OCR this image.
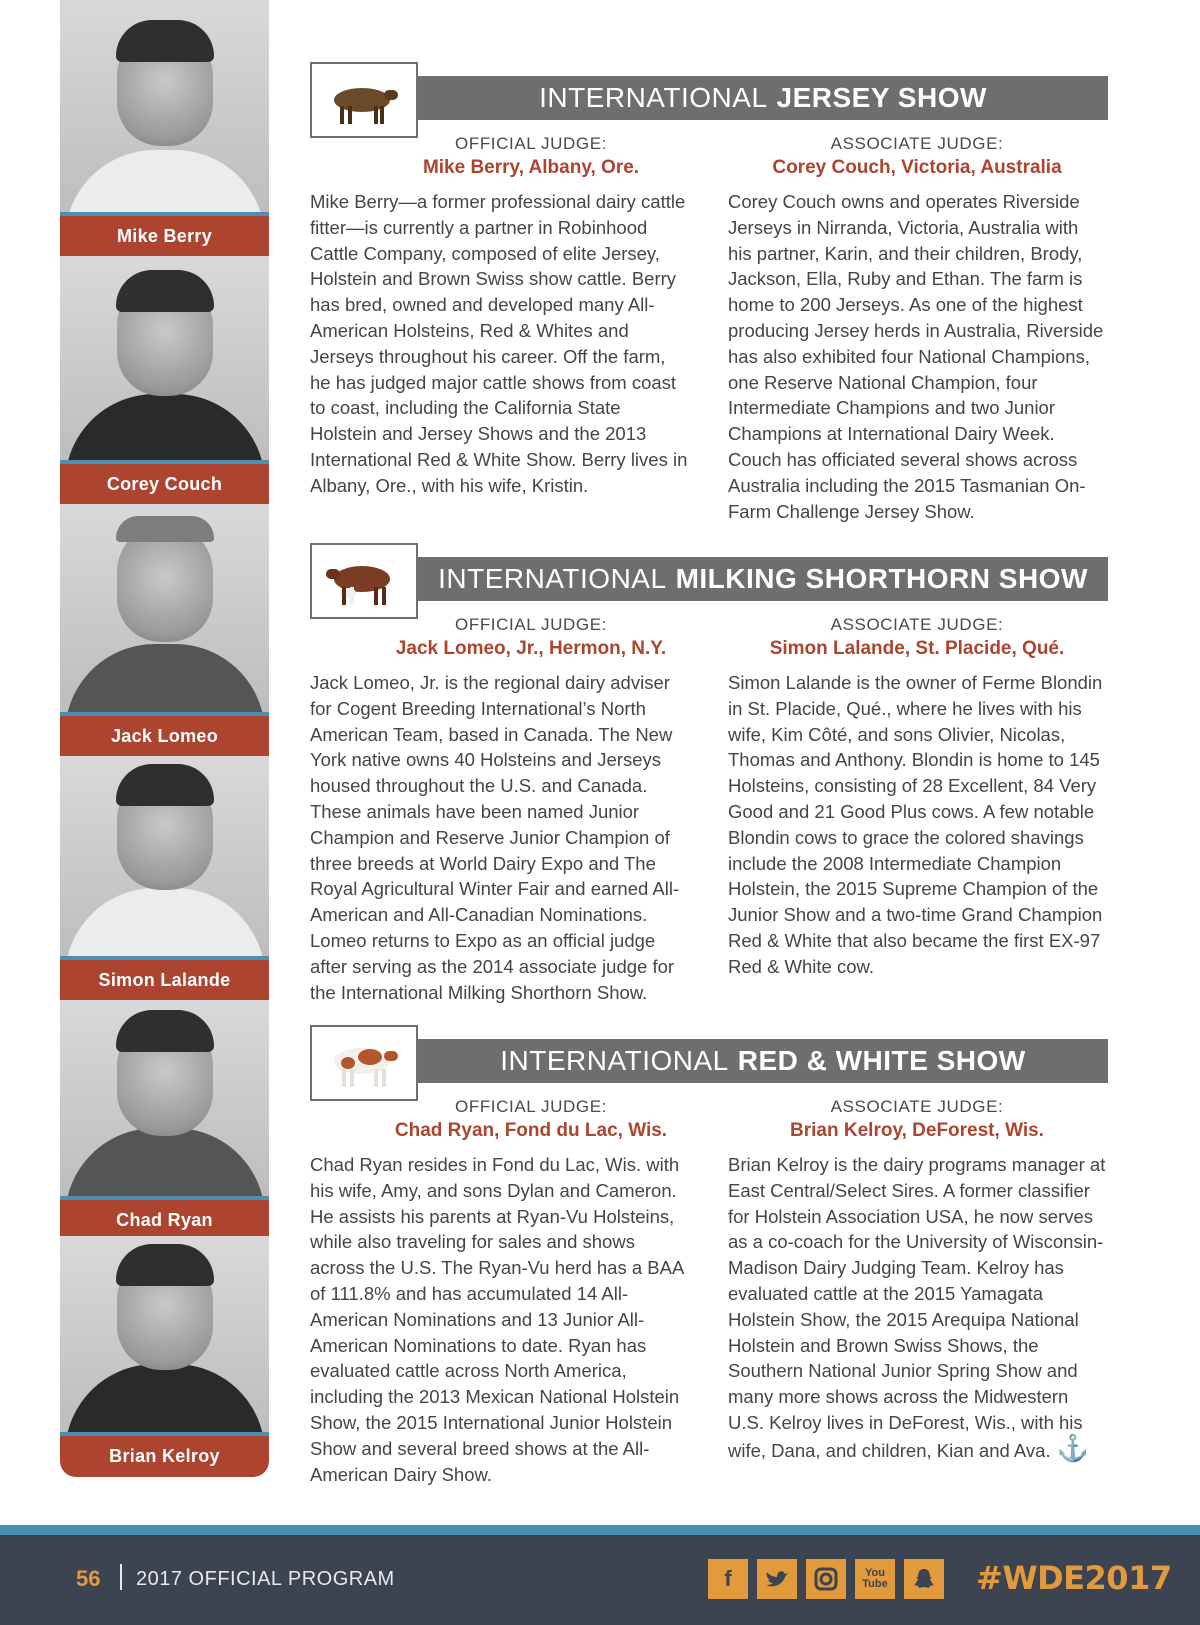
Mike Berry
Corey Couch
Jack Lomeo
Simon Lalande
Chad Ryan
Brian Kelroy
INTERNATIONAL JERSEY SHOW
OFFICIAL JUDGE:
Mike Berry, Albany, Ore.
Mike Berry—a former professional dairy cattle fitter—is currently a partner in Robinhood Cattle Company, composed of elite Jersey, Holstein and Brown Swiss show cattle. Berry has bred, owned and developed many All-American Holsteins, Red & Whites and Jerseys throughout his career. Off the farm, he has judged major cattle shows from coast to coast, including the California State Holstein and Jersey Shows and the 2013 International Red & White Show. Berry lives in Albany, Ore., with his wife, Kristin.
ASSOCIATE JUDGE:
Corey Couch, Victoria, Australia
Corey Couch owns and operates Riverside Jerseys in Nirranda, Victoria, Australia with his partner, Karin, and their children, Brody, Jackson, Ella, Ruby and Ethan. The farm is home to 200 Jerseys. As one of the highest producing Jersey herds in Australia, Riverside has also exhibited four National Champions, one Reserve National Champion, four Intermediate Champions and two Junior Champions at International Dairy Week. Couch has officiated several shows across Australia including the 2015 Tasmanian On-Farm Challenge Jersey Show.
INTERNATIONAL MILKING SHORTHORN SHOW
OFFICIAL JUDGE:
Jack Lomeo, Jr., Hermon, N.Y.
Jack Lomeo, Jr. is the regional dairy adviser for Cogent Breeding International’s North American Team, based in Canada. The New York native owns 40 Holsteins and Jerseys housed throughout the U.S. and Canada. These animals have been named Junior Champion and Reserve Junior Champion of three breeds at World Dairy Expo and The Royal Agricultural Winter Fair and earned All-American and All-Canadian Nominations. Lomeo returns to Expo as an official judge after serving as the 2014 associate judge for the International Milking Shorthorn Show.
ASSOCIATE JUDGE:
Simon Lalande, St. Placide, Qué.
Simon Lalande is the owner of Ferme Blondin in St. Placide, Qué., where he lives with his wife, Kim Côté, and sons Olivier, Nicolas, Thomas and Anthony. Blondin is home to 145 Holsteins, consisting of 28 Excellent, 84 Very Good and 21 Good Plus cows. A few notable Blondin cows to grace the colored shavings include the 2008 Intermediate Champion Holstein, the 2015 Supreme Champion of the Junior Show and a two-time Grand Champion Red & White that also became the first EX-97 Red & White cow.
INTERNATIONAL RED & WHITE SHOW
OFFICIAL JUDGE:
Chad Ryan, Fond du Lac, Wis.
Chad Ryan resides in Fond du Lac, Wis. with his wife, Amy, and sons Dylan and Cameron. He assists his parents at Ryan-Vu Holsteins, while also traveling for sales and shows across the U.S. The Ryan-Vu herd has a BAA of 111.8% and has accumulated 14 All-American Nominations and 13 Junior All-American Nominations to date. Ryan has evaluated cattle across North America, including the 2013 Mexican National Holstein Show, the 2015 International Junior Holstein Show and several breed shows at the All-American Dairy Show.
ASSOCIATE JUDGE:
Brian Kelroy, DeForest, Wis.
Brian Kelroy is the dairy programs manager at East Central/Select Sires. A former classifier for Holstein Association USA, he now serves as a co-coach for the University of Wisconsin-Madison Dairy Judging Team. Kelroy has evaluated cattle at the 2015 Yamagata Holstein Show, the 2015 Arequipa National Holstein and Brown Swiss Shows, the Southern National Junior Spring Show and many more shows across the Midwestern U.S. Kelroy lives in DeForest, Wis., with his wife, Dana, and children, Kian and Ava. ⚓
56 2017 OFFICIAL PROGRAM	f	You Tube	#WDE2017
